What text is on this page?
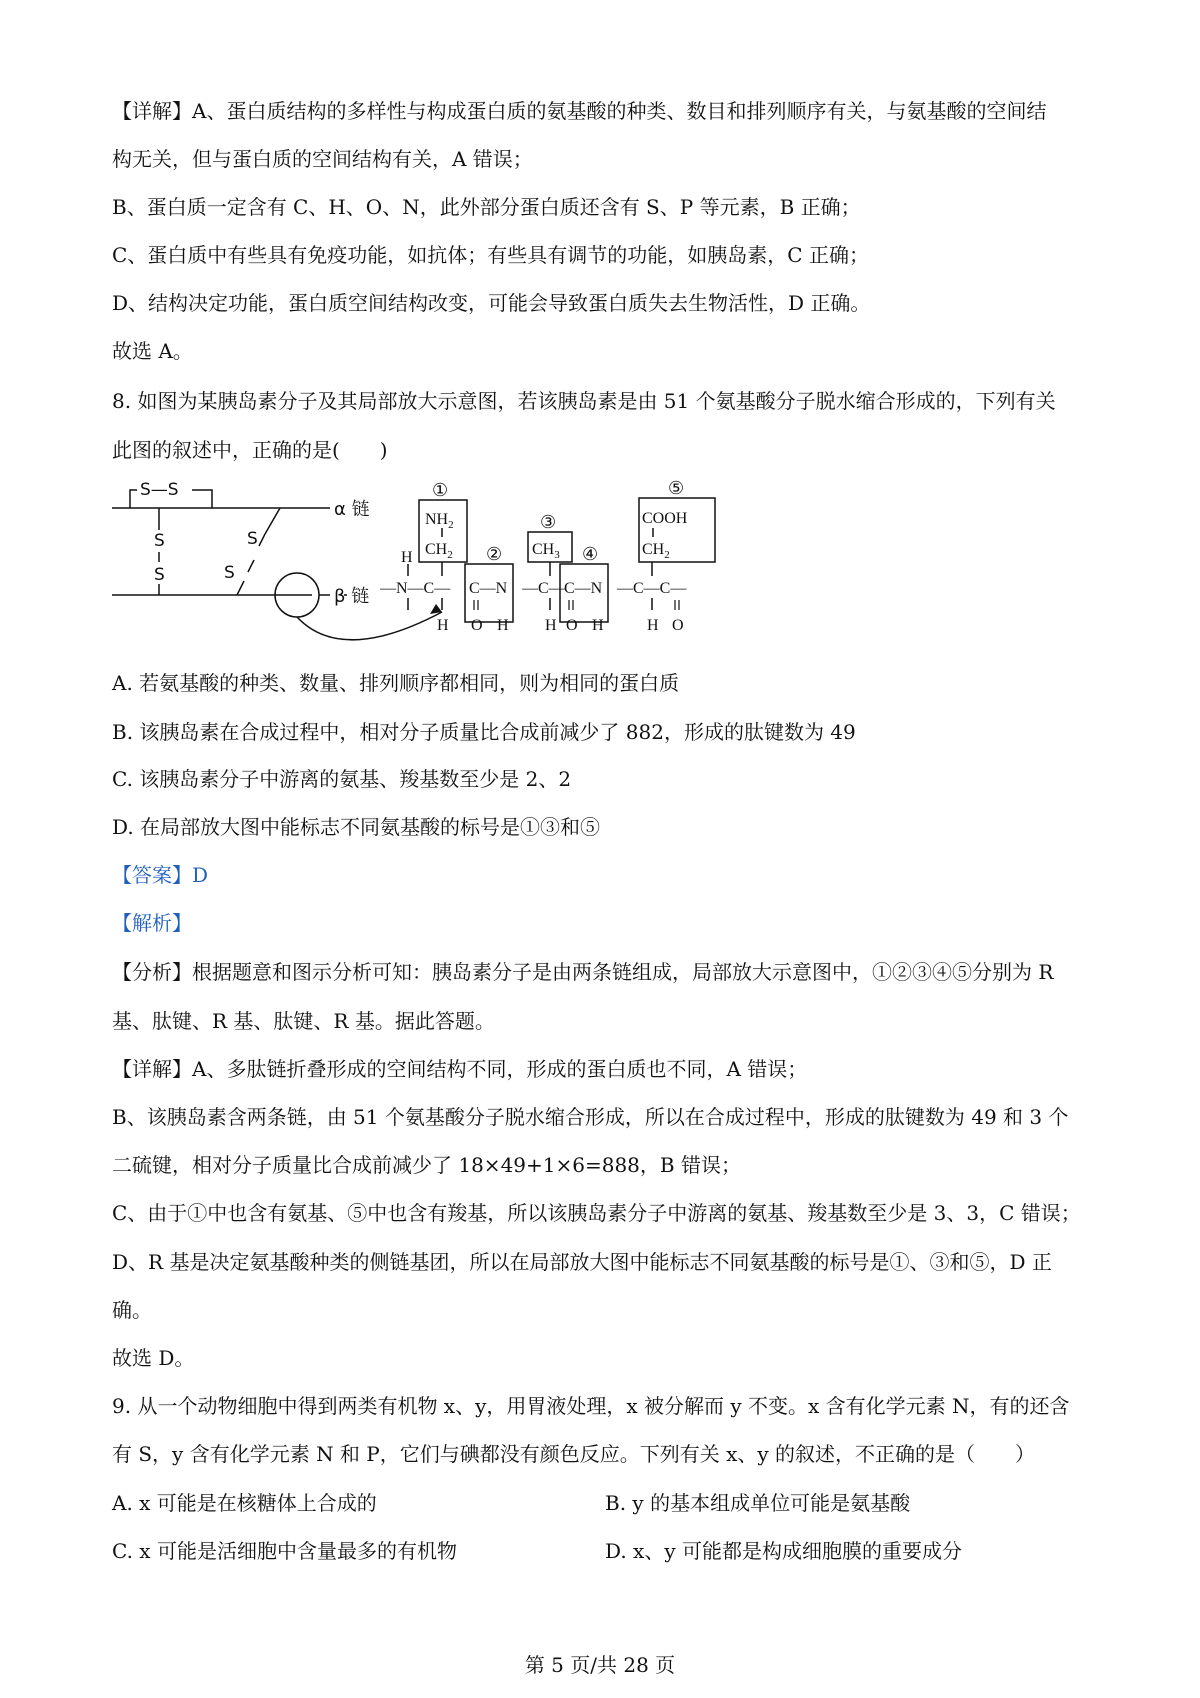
【详解】A、蛋白质结构的多样性与构成蛋白质的氨基酸的种类、数目和排列顺序有关，与氨基酸的空间结
构无关，但与蛋白质的空间结构有关，A 错误；
B、蛋白质一定含有 C、H、O、N，此外部分蛋白质还含有 S、P 等元素，B 正确；
C、蛋白质中有些具有免疫功能，如抗体；有些具有调节的功能，如胰岛素，C 正确；
D、结构决定功能，蛋白质空间结构改变，可能会导致蛋白质失去生物活性，D 正确。
故选 A。
8. 如图为某胰岛素分子及其局部放大示意图，若该胰岛素是由 51 个氨基酸分子脱水缩合形成的，下列有关
此图的叙述中，正确的是(　　)
S—S
α 链
β 链
S
S
S
S
①
②
③
④
⑤
$NH_2$
$CH_2$	$CH_3$
COOH
$CH_2$
H
—N—C— C—N —C— C—N —C—C—
H O H H O H	H O
A. 若氨基酸的种类、数量、排列顺序都相同，则为相同的蛋白质
B. 该胰岛素在合成过程中，相对分子质量比合成前减少了 882，形成的肽键数为 49
C. 该胰岛素分子中游离的氨基、羧基数至少是 2、2
D. 在局部放大图中能标志不同氨基酸的标号是①③和⑤
【答案】D
【解析】
【分析】根据题意和图示分析可知：胰岛素分子是由两条链组成，局部放大示意图中，①②③④⑤分别为 R
基、肽键、R 基、肽键、R 基。据此答题。
【详解】A、多肽链折叠形成的空间结构不同，形成的蛋白质也不同，A 错误；
B、该胰岛素含两条链，由 51 个氨基酸分子脱水缩合形成，所以在合成过程中，形成的肽键数为 49 和 3 个
二硫键，相对分子质量比合成前减少了 18×49+1×6=888，B 错误；
C、由于①中也含有氨基、⑤中也含有羧基，所以该胰岛素分子中游离的氨基、羧基数至少是 3、3，C 错误；
D、R 基是决定氨基酸种类的侧链基团，所以在局部放大图中能标志不同氨基酸的标号是①、③和⑤，D 正
确。
故选 D。
9. 从一个动物细胞中得到两类有机物 x、y，用胃液处理，x 被分解而 y 不变。x 含有化学元素 N，有的还含
有 S，y 含有化学元素 N 和 P，它们与碘都没有颜色反应。下列有关 x、y 的叙述，不正确的是（　　）
A. x 可能是在核糖体上合成的	B. y 的基本组成单位可能是氨基酸
C. x 可能是活细胞中含量最多的有机物	D. x、y 可能都是构成细胞膜的重要成分
第 5 页/共 28 页
